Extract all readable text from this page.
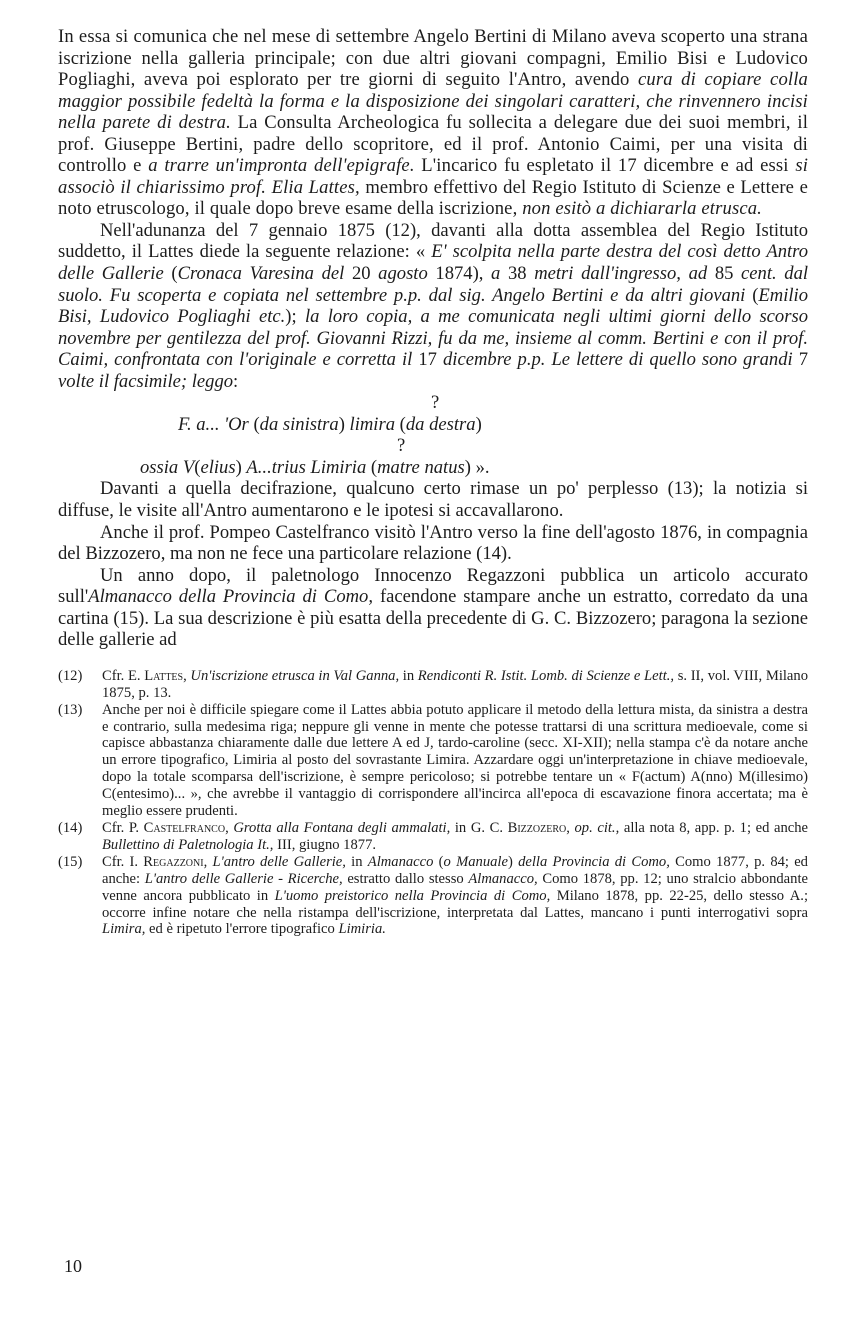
In essa si comunica che nel mese di settembre Angelo Bertini di Milano aveva scoperto una strana iscrizione nella galleria principale; con due altri giovani compagni, Emilio Bisi e Ludovico Pogliaghi, aveva poi esplorato per tre giorni di seguito l'Antro, avendo cura di copiare colla maggior possibile fedeltà la forma e la disposizione dei singolari caratteri, che rinvennero incisi nella parete di destra. La Consulta Archeologica fu sollecita a delegare due dei suoi membri, il prof. Giuseppe Bertini, padre dello scopritore, ed il prof. Antonio Caimi, per una visita di controllo e a trarre un'impronta dell'epigrafe. L'incarico fu espletato il 17 dicembre e ad essi si associò il chiarissimo prof. Elia Lattes, membro effettivo del Regio Istituto di Scienze e Lettere e noto etruscologo, il quale dopo breve esame della iscrizione, non esitò a dichiararla etrusca.

Nell'adunanza del 7 gennaio 1875 (12), davanti alla dotta assemblea del Regio Istituto suddetto, il Lattes diede la seguente relazione: « E' scolpita nella parte destra del così detto Antro delle Gallerie (Cronaca Varesina del 20 agosto 1874), a 38 metri dall'ingresso, ad 85 cent. dal suolo. Fu scoperta e copiata nel settembre p.p. dal sig. Angelo Bertini e da altri giovani (Emilio Bisi, Ludovico Pogliaghi etc.); la loro copia, a me comunicata negli ultimi giorni dello scorso novembre per gentilezza del prof. Giovanni Rizzi, fu da me, insieme al comm. Bertini e con il prof. Caimi, confrontata con l'originale e corretta il 17 dicembre p.p. Le lettere di quello sono grandi 7 volte il facsimile; leggo:

?
F. a... 'Or (da sinistra) limira (da destra)
?
ossia V(elius) A...trius Limiria (matre natus) ».

Davanti a quella decifrazione, qualcuno certo rimase un po' perplesso (13); la notizia si diffuse, le visite all'Antro aumentarono e le ipotesi si accavallarono.

Anche il prof. Pompeo Castelfranco visitò l'Antro verso la fine dell'agosto 1876, in compagnia del Bizzozero, ma non ne fece una particolare relazione (14).

Un anno dopo, il paletnologo Innocenzo Regazzoni pubblica un articolo accurato sull'Almanacco della Provincia di Como, facendone stampare anche un estratto, corredato da una cartina (15). La sua descrizione è più esatta della precedente di G. C. Bizzozero; paragona la sezione delle gallerie ad

(12)	Cfr. E. Lattes, Un'iscrizione etrusca in Val Ganna, in Rendiconti R. Istit. Lomb. di Scienze e Lett., s. II, vol. VIII, Milano 1875, p. 13.
(13)	Anche per noi è difficile spiegare come il Lattes abbia potuto applicare il metodo della lettura mista, da sinistra a destra e contrario, sulla medesima riga; neppure gli venne in mente che potesse trattarsi di una scrittura medioevale, come si capisce abbastanza chiaramente dalle due lettere A ed J, tardo-caroline (secc. XI-XII); nella stampa c'è da notare anche un errore tipografico, Limiria al posto del sovrastante Limira. Azzardare oggi un'interpretazione in chiave medioevale, dopo la totale scomparsa dell'iscrizione, è sempre pericoloso; si potrebbe tentare un « F(actum) A(nno) M(illesimo) C(entesimo)... », che avrebbe il vantaggio di corrispondere all'incirca all'epoca di escavazione finora accertata; ma è meglio essere prudenti.
(14)	Cfr. P. Castelfranco, Grotta alla Fontana degli ammalati, in G. C. Bizzozero, op. cit., alla nota 8, app. p. 1; ed anche Bullettino di Paletnologia It., III, giugno 1877.
(15)	Cfr. I. Regazzoni, L'antro delle Gallerie, in Almanacco (o Manuale) della Provincia di Como, Como 1877, p. 84; ed anche: L'antro delle Gallerie - Ricerche, estratto dallo stesso Almanacco, Como 1878, pp. 12; uno stralcio abbondante venne ancora pubblicato in L'uomo preistorico nella Provincia di Como, Milano 1878, pp. 22-25, dello stesso A.; occorre infine notare che nella ristampa dell'iscrizione, interpretata dal Lattes, mancano i punti interrogativi sopra Limira, ed è ripetuto l'errore tipografico Limiria.
10
